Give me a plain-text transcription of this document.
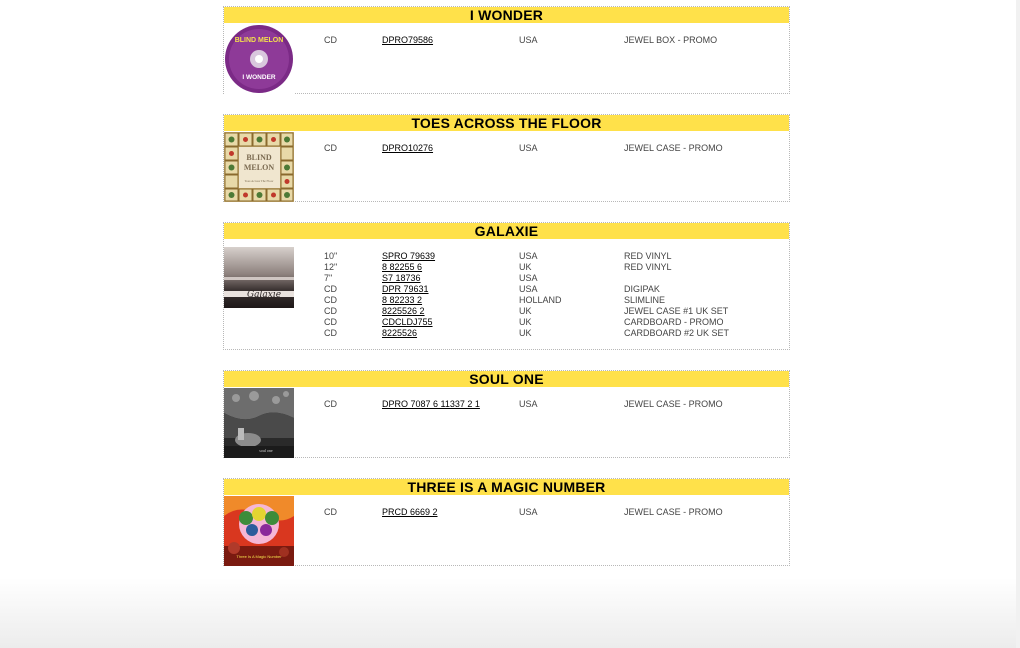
I WONDER
BLIND MELON
I WONDER
CD	DPRO79586	USA	JEWEL BOX - PROMO
TOES ACROSS THE FLOOR
BLIND
MELON
Toes Across The Floor
CD	DPRO10276	USA	JEWEL CASE - PROMO
GALAXIE
Galaxie
10"	SPRO 79639	USA	RED VINYL
12"	8 82255 6	UK	RED VINYL
7"	S7 18736	USA
CD	DPR 79631	USA	DIGIPAK
CD	8 82233 2	HOLLAND	SLIMLINE
CD	8225526 2	UK	JEWEL CASE #1 UK SET
CD	CDCLDJ755	UK	CARDBOARD - PROMO
CD	8225526	UK	CARDBOARD #2 UK SET
SOUL ONE
soul one
CD	DPRO 7087 6 11337 2 1	USA	JEWEL CASE - PROMO
THREE IS A MAGIC NUMBER
Three Is A Magic Number
CD	PRCD 6669 2	USA	JEWEL CASE - PROMO
